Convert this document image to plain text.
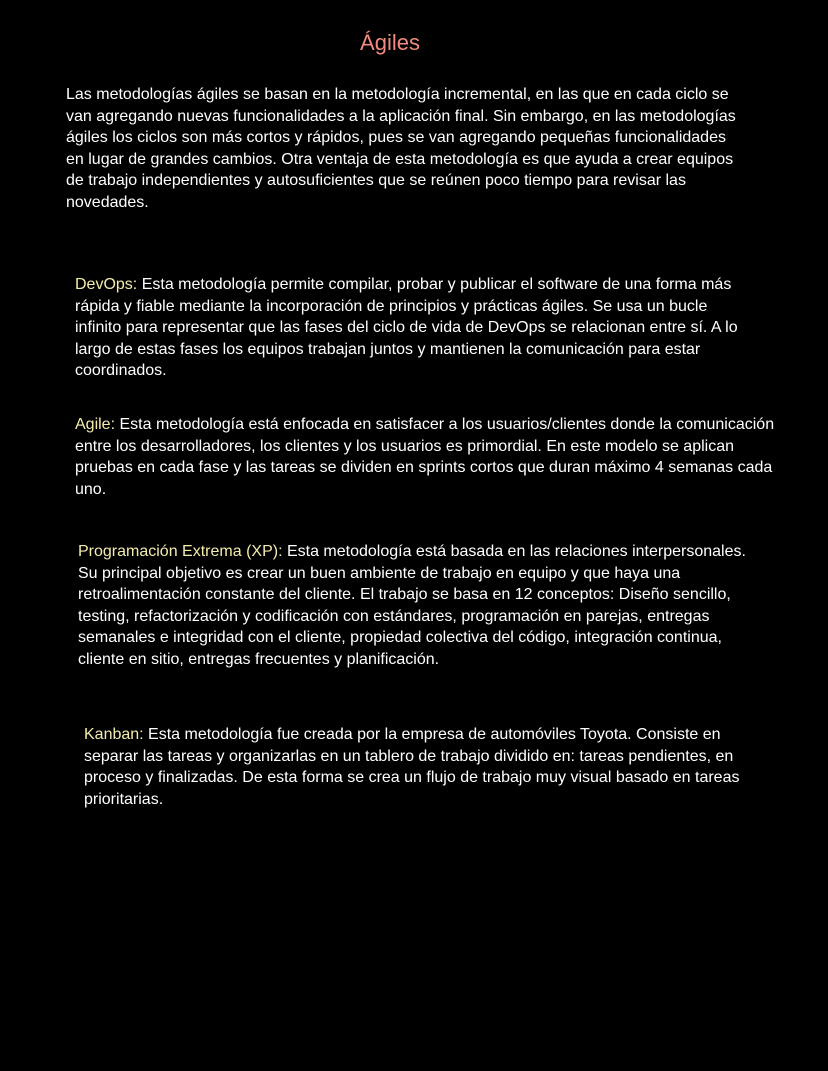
Ágiles

Las metodologías ágiles se basan en la metodología incremental, en las que en cada ciclo se van agregando nuevas funcionalidades a la aplicación final. Sin embargo, en las metodologías ágiles los ciclos son más cortos y rápidos, pues se van agregando pequeñas funcionalidades en lugar de grandes cambios. Otra ventaja de esta metodología es que ayuda a crear equipos de trabajo independientes y autosuficientes que se reúnen poco tiempo para revisar las novedades.

DevOps: Esta metodología permite compilar, probar y publicar el software de una forma más rápida y fiable mediante la incorporación de principios y prácticas ágiles. Se usa un bucle infinito para representar que las fases del ciclo de vida de DevOps se relacionan entre sí. A lo largo de estas fases los equipos trabajan juntos y mantienen la comunicación para estar coordinados.

Agile: Esta metodología está enfocada en satisfacer a los usuarios/clientes donde la comunicación entre los desarrolladores, los clientes y los usuarios es primordial. En este modelo se aplican pruebas en cada fase y las tareas se dividen en sprints cortos que duran máximo 4 semanas cada uno.

Programación Extrema (XP): Esta metodología está basada en las relaciones interpersonales. Su principal objetivo es crear un buen ambiente de trabajo en equipo y que haya una retroalimentación constante del cliente. El trabajo se basa en 12 conceptos: Diseño sencillo, testing, refactorización y codificación con estándares, programación en parejas, entregas semanales e integridad con el cliente, propiedad colectiva del código, integración continua, cliente en sitio, entregas frecuentes y planificación.

Kanban: Esta metodología fue creada por la empresa de automóviles Toyota. Consiste en separar las tareas y organizarlas en un tablero de trabajo dividido en: tareas pendientes, en proceso y finalizadas. De esta forma se crea un flujo de trabajo muy visual basado en tareas prioritarias.
